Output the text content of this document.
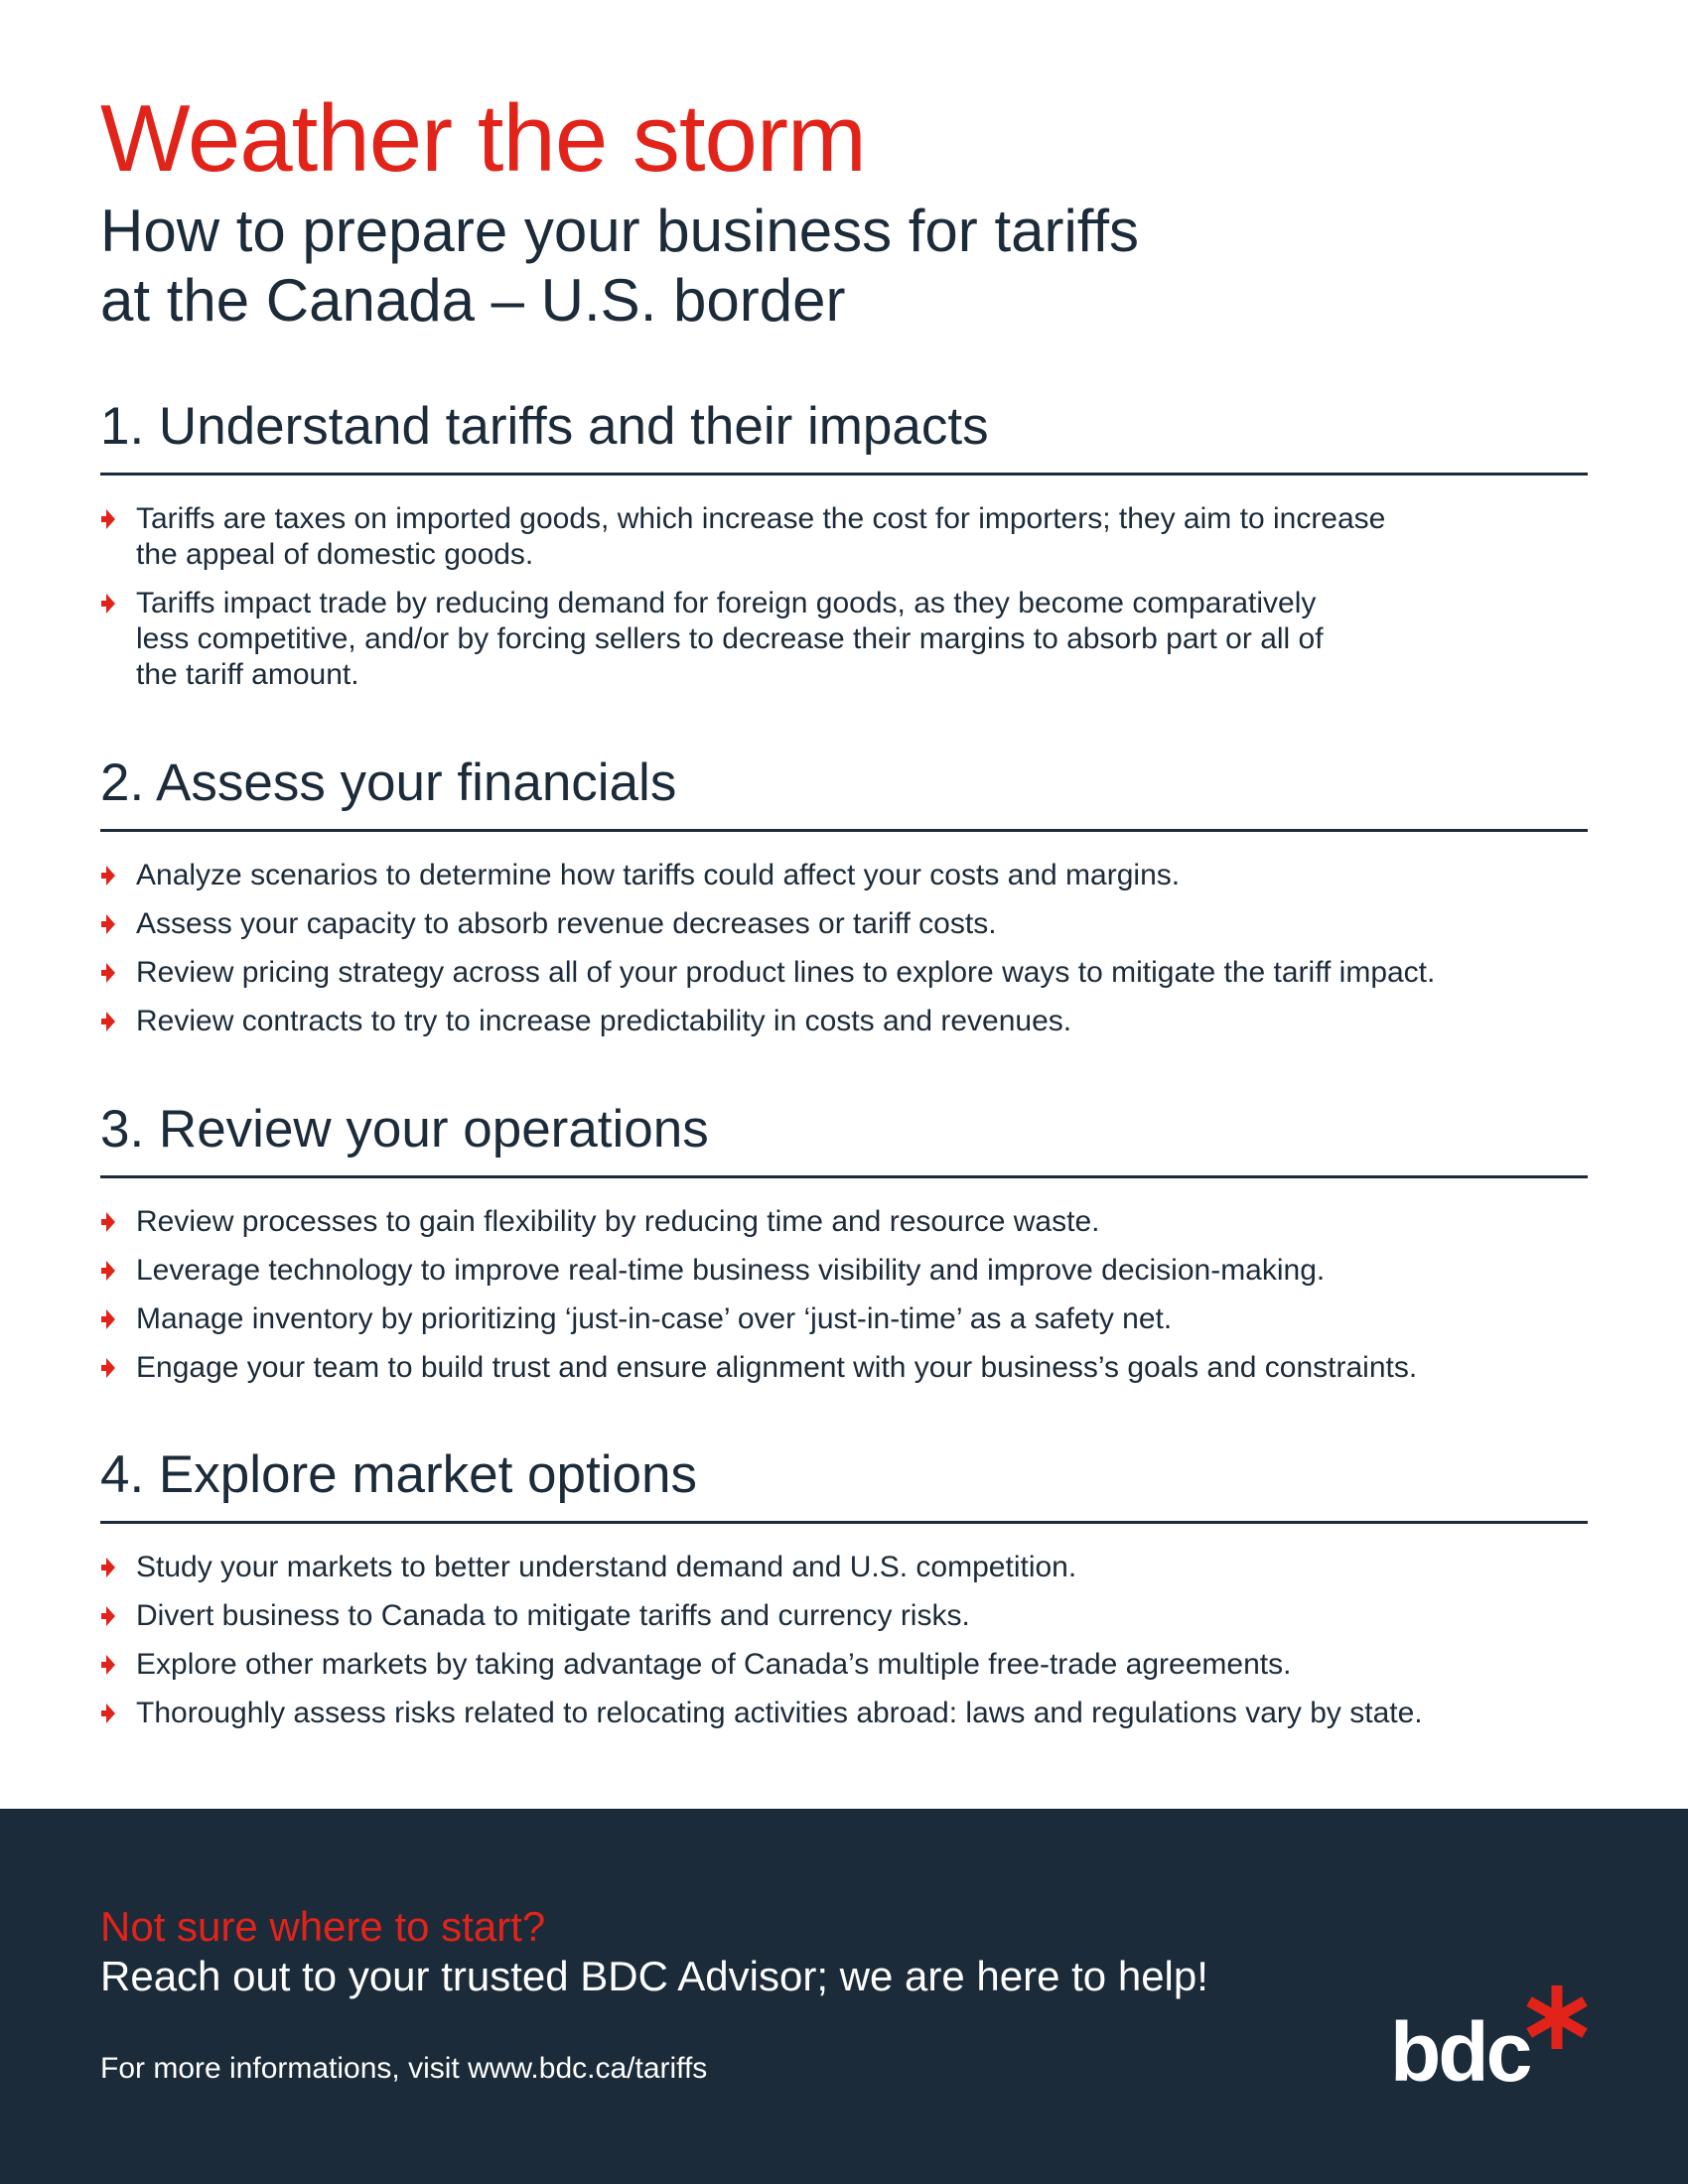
Weather the storm
How to prepare your business for tariffs
at the Canada – U.S. border
1. Understand tariffs and their impacts
Tariffs are taxes on imported goods, which increase the cost for importers; they aim to increase
the appeal of domestic goods.
Tariffs impact trade by reducing demand for foreign goods, as they become comparatively
less competitive, and/or by forcing sellers to decrease their margins to absorb part or all of
the tariff amount.
2. Assess your financials
Analyze scenarios to determine how tariffs could affect your costs and margins.
Assess your capacity to absorb revenue decreases or tariff costs.
Review pricing strategy across all of your product lines to explore ways to mitigate the tariff impact.
Review contracts to try to increase predictability in costs and revenues.
3. Review your operations
Review processes to gain flexibility by reducing time and resource waste.
Leverage technology to improve real-time business visibility and improve decision-making.
Manage inventory by prioritizing ‘just-in-case’ over ‘just-in-time’ as a safety net.
Engage your team to build trust and ensure alignment with your business’s goals and constraints.
4. Explore market options
Study your markets to better understand demand and U.S. competition.
Divert business to Canada to mitigate tariffs and currency risks.
Explore other markets by taking advantage of Canada’s multiple free-trade agreements.
Thoroughly assess risks related to relocating activities abroad: laws and regulations vary by state.
Not sure where to start?
Reach out to your trusted BDC Advisor; we are here to help!
For more informations, visit www.bdc.ca/tariffs	bdc
